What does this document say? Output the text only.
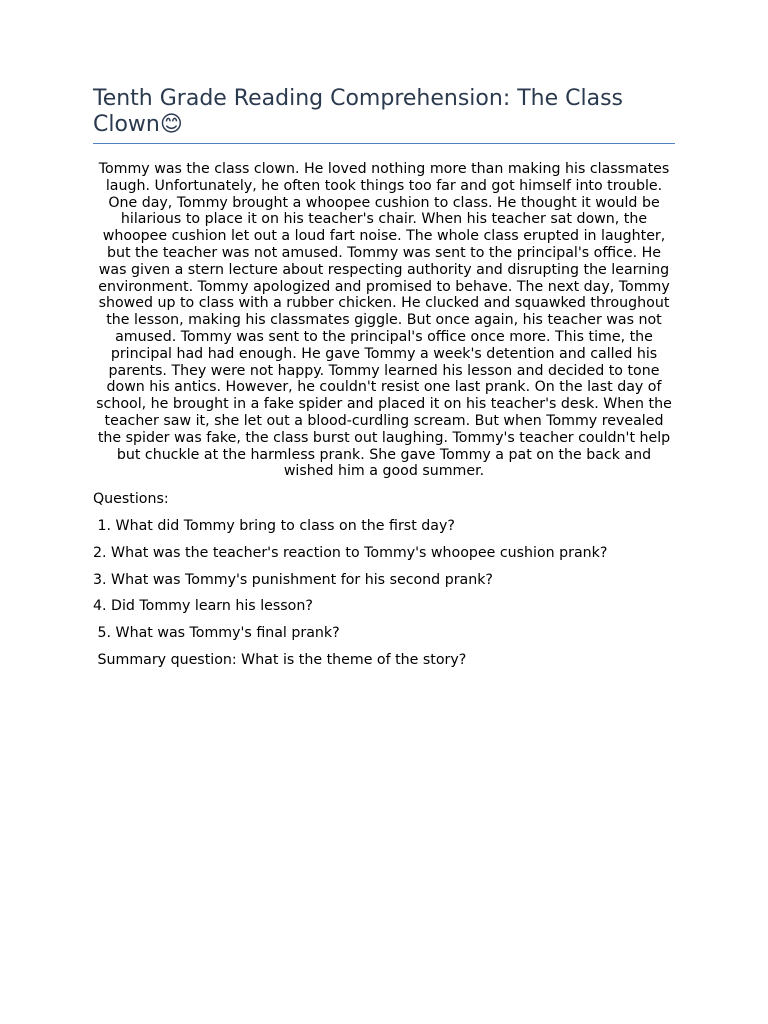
Tenth Grade Reading Comprehension: The Class Clown😊

Tommy was the class clown. He loved nothing more than making his classmates laugh. Unfortunately, he often took things too far and got himself into trouble. One day, Tommy brought a whoopee cushion to class. He thought it would be hilarious to place it on his teacher's chair. When his teacher sat down, the whoopee cushion let out a loud fart noise. The whole class erupted in laughter, but the teacher was not amused. Tommy was sent to the principal's office. He was given a stern lecture about respecting authority and disrupting the learning environment. Tommy apologized and promised to behave. The next day, Tommy showed up to class with a rubber chicken. He clucked and squawked throughout the lesson, making his classmates giggle. But once again, his teacher was not amused. Tommy was sent to the principal's office once more. This time, the principal had had enough. He gave Tommy a week's detention and called his parents. They were not happy. Tommy learned his lesson and decided to tone down his antics. However, he couldn't resist one last prank. On the last day of school, he brought in a fake spider and placed it on his teacher's desk. When the teacher saw it, she let out a blood-curdling scream. But when Tommy revealed the spider was fake, the class burst out laughing. Tommy's teacher couldn't help but chuckle at the harmless prank. She gave Tommy a pat on the back and wished him a good summer.

Questions:

1. What did Tommy bring to class on the first day?

2. What was the teacher's reaction to Tommy's whoopee cushion prank?

3. What was Tommy's punishment for his second prank?

4. Did Tommy learn his lesson?

5. What was Tommy's final prank?

Summary question: What is the theme of the story?
